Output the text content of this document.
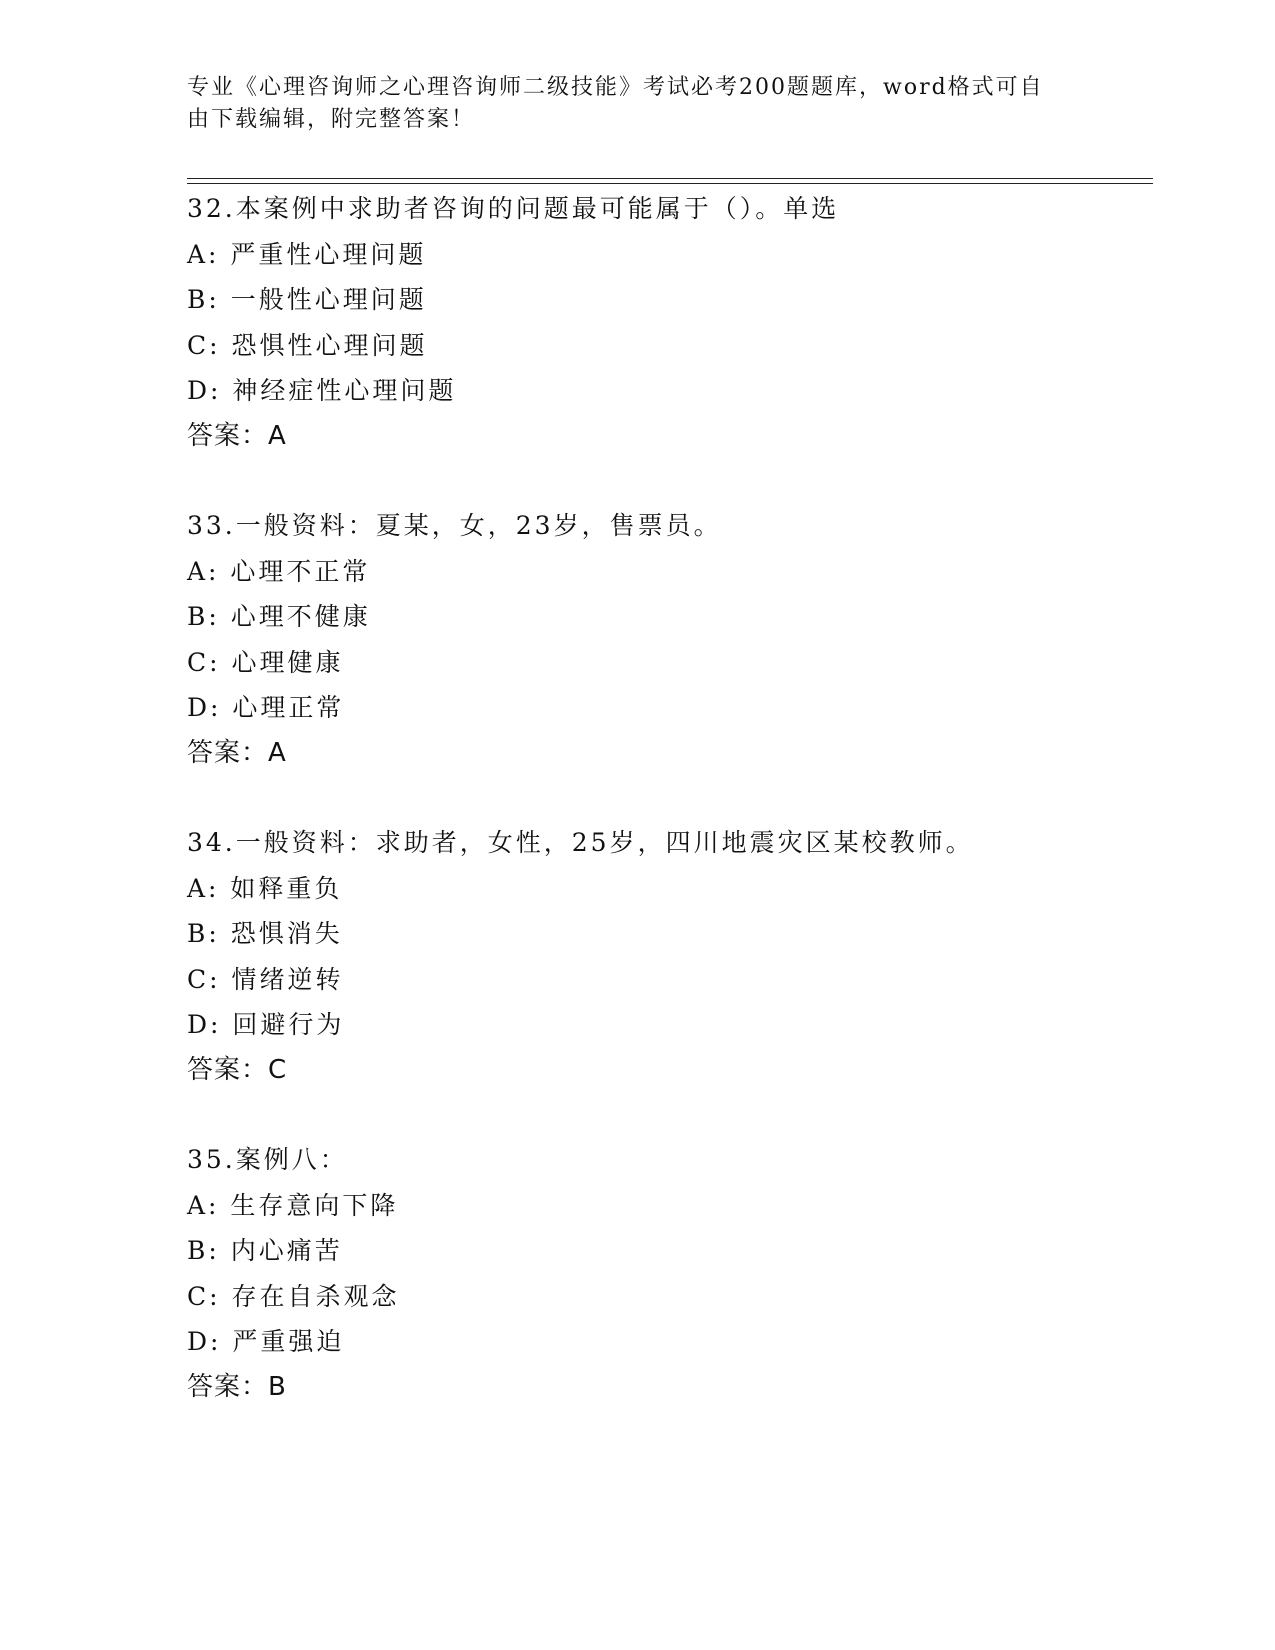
专业《心理咨询师之心理咨询师二级技能》考试必考200题题库，word格式可自
由下载编辑，附完整答案！
32.本案例中求助者咨询的问题最可能属于（）。单选
A: 严重性心理问题
B: 一般性心理问题
C: 恐惧性心理问题
D: 神经症性心理问题
答案：A
33.一般资料：夏某，女，23岁，售票员。
A: 心理不正常
B: 心理不健康
C: 心理健康
D: 心理正常
答案：A
34.一般资料：求助者，女性，25岁，四川地震灾区某校教师。
A: 如释重负
B: 恐惧消失
C: 情绪逆转
D: 回避行为
答案：C
35.案例八：
A: 生存意向下降
B: 内心痛苦
C: 存在自杀观念
D: 严重强迫
答案：B
